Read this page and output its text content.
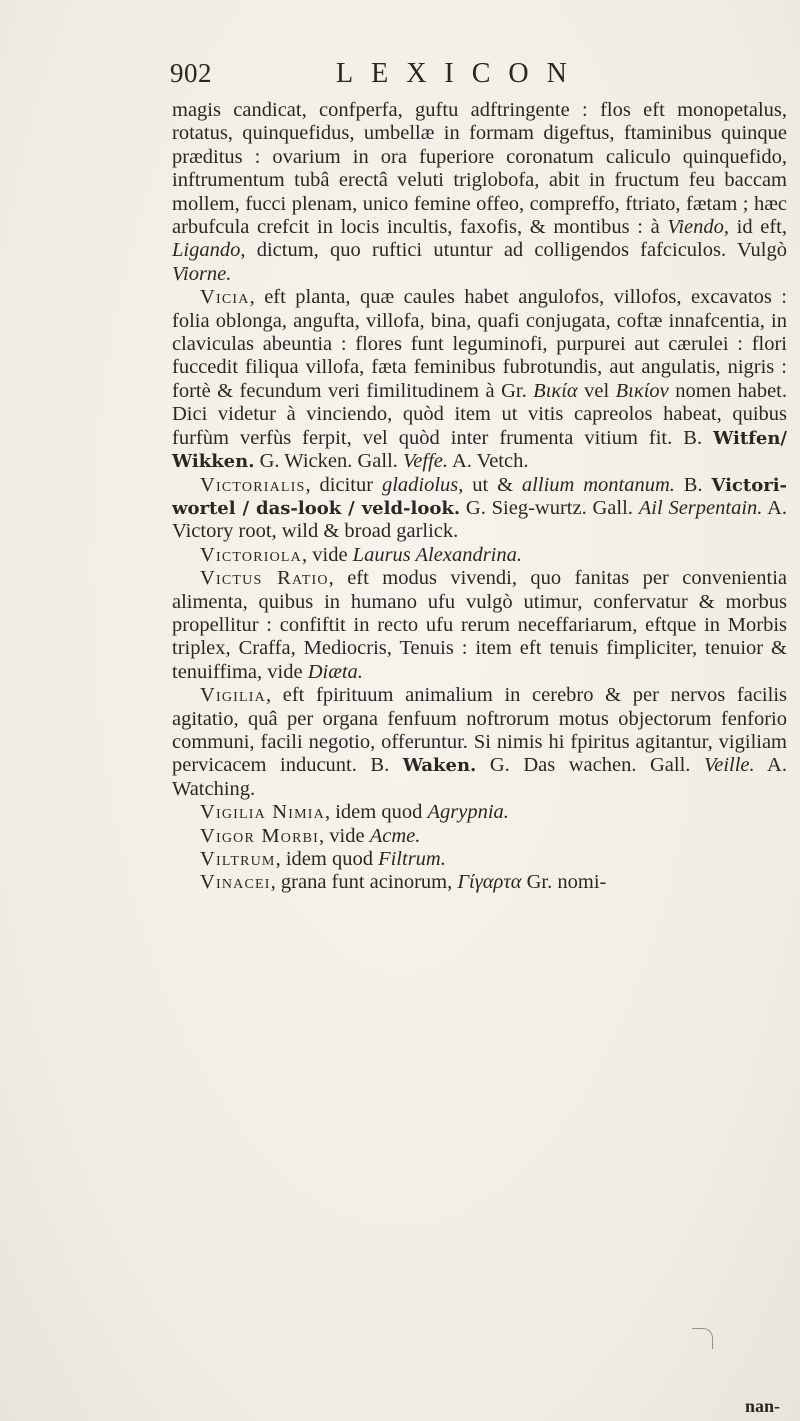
902	LEXICON

magis candicat, confperfa, guftu adftringente : flos eft monopetalus, rotatus, quinquefidus, umbellæ in formam digeftus, ftaminibus quinque præditus : ovarium in ora fuperiore coronatum caliculo quinquefido, inftrumentum tubâ erectâ veluti triglobofa, abit in fructum feu baccam mollem, fucci plenam, unico femine offeo, compreffo, ftriato, fætam ; hæc arbufcula crefcit in locis incultis, faxofis, & montibus : à Viendo, id eft, Ligando, dictum, quo ruftici utuntur ad colligendos fafciculos. Vulgò Viorne.

Vicia, eft planta, quæ caules habet angulofos, villofos, excavatos : folia oblonga, angufta, villofa, bina, quafi conjugata, coftæ innafcentia, in claviculas abeuntia : flores funt leguminofi, purpurei aut cærulei : flori fuccedit filiqua villofa, fæta feminibus fubrotundis, aut angulatis, nigris : fortè & fecundum veri fimilitudinem à Gr. Βικία vel Βικίον nomen habet. Dici videtur à vinciendo, quòd item ut vitis capreolos habeat, quibus furfùm verfùs ferpit, vel quòd inter frumenta vitium fit. B. Witfen/ Wikken. G. Wicken. Gall. Veffe. A. Vetch.

Victorialis, dicitur gladiolus, ut & allium montanum. B. Victori-wortel / das-look / veld-look. G. Sieg-wurtz. Gall. Ail Serpentain. A. Victory root, wild & broad garlick.

Victoriola, vide Laurus Alexandrina.

Victus Ratio, eft modus vivendi, quo fanitas per convenientia alimenta, quibus in humano ufu vulgò utimur, confervatur & morbus propellitur : confiftit in recto ufu rerum neceffariarum, eftque in Morbis triplex, Craffa, Mediocris, Tenuis : item eft tenuis fimpliciter, tenuior & tenuiffima, vide Diæta.

Vigilia, eft fpirituum animalium in cerebro & per nervos facilis agitatio, quâ per organa fenfuum noftrorum motus objectorum fenforio communi, facili negotio, offeruntur. Si nimis hi fpiritus agitantur, vigiliam pervicacem inducunt. B. Waken. G. Das wachen. Gall. Veille. A. Watching.

Vigilia Nimia, idem quod Agrypnia.

Vigor Morbi, vide Acme.

Viltrum, idem quod Filtrum.

Vinacei, grana funt acinorum, Γίγαρτα Gr. nomi-

nan-
